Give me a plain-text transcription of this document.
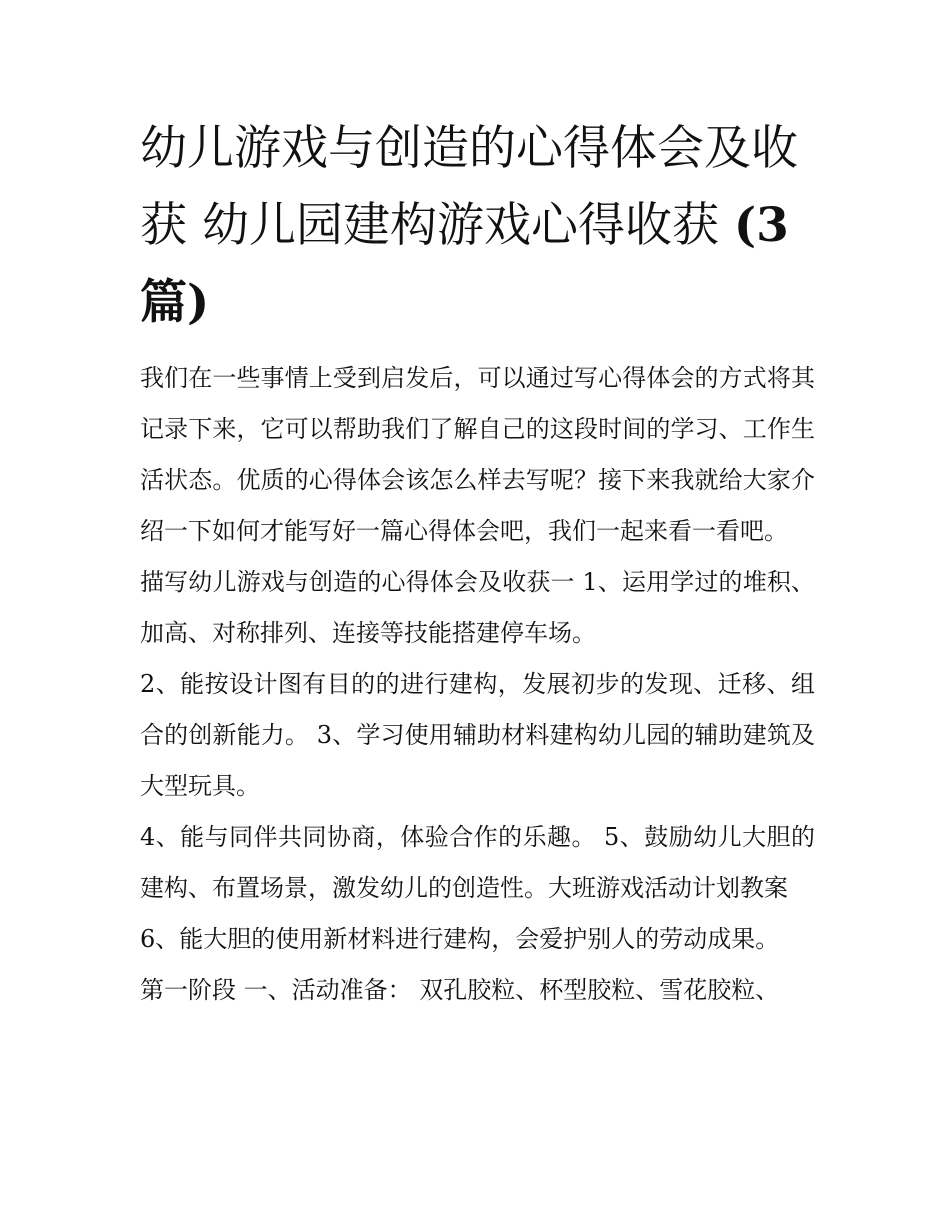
幼儿游戏与创造的心得体会及收获 幼儿园建构游戏心得收获 (3篇)

我们在一些事情上受到启发后，可以通过写心得体会的方式将其记录下来，它可以帮助我们了解自己的这段时间的学习、工作生活状态。优质的心得体会该怎么样去写呢？接下来我就给大家介绍一下如何才能写好一篇心得体会吧，我们一起来看一看吧。

描写幼儿游戏与创造的心得体会及收获一 1、运用学过的堆积、加高、对称排列、连接等技能搭建停车场。

2、能按设计图有目的的进行建构，发展初步的发现、迁移、组合的创新能力。 3、学习使用辅助材料建构幼儿园的辅助建筑及大型玩具。

4、能与同伴共同协商，体验合作的乐趣。 5、鼓励幼儿大胆的建构、布置场景，激发幼儿的创造性。大班游戏活动计划教案

6、能大胆的使用新材料进行建构，会爱护别人的劳动成果。

第一阶段 一、活动准备： 双孔胶粒、杯型胶粒、雪花胶粒、
